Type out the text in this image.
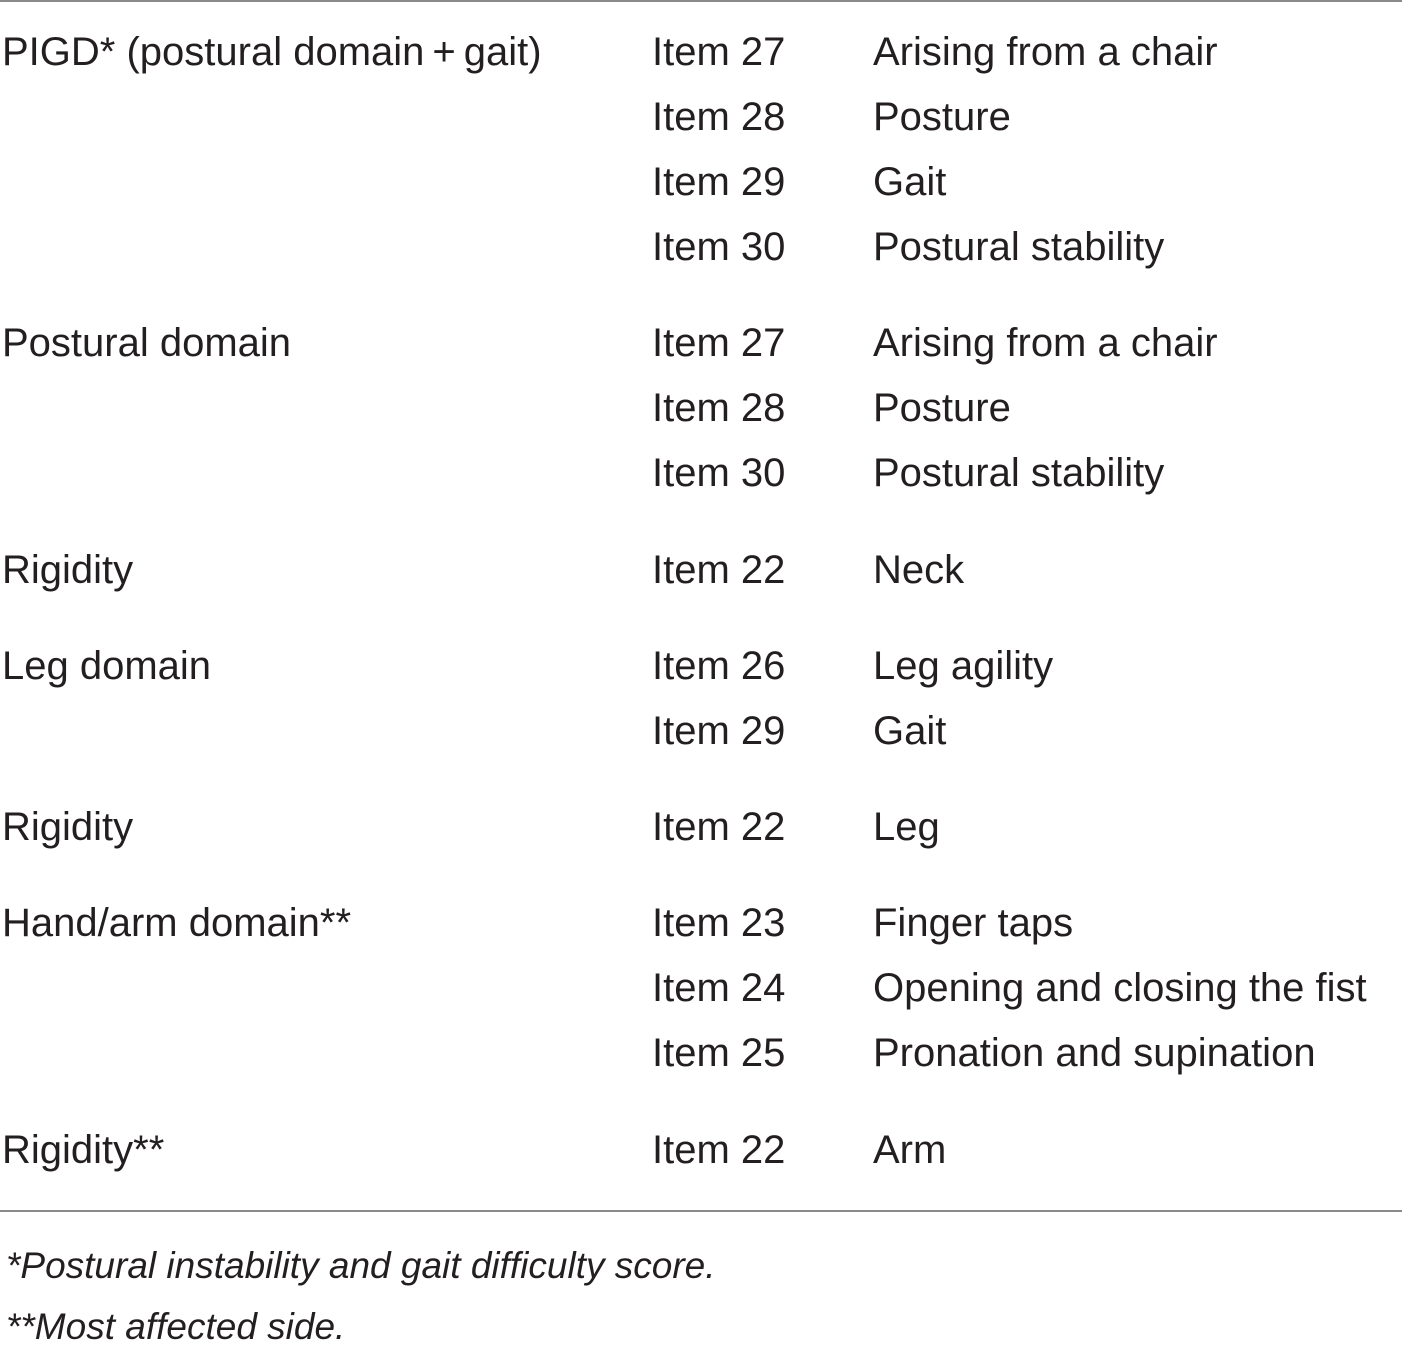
PIGD* (postural domain + gait)	Item 27 Arising from a chair
Item 28 Posture
Item 29 Gait
Item 30 Postural stability
Postural domain	Item 27 Arising from a chair
Item 28 Posture
Item 30 Postural stability
Rigidity	Item 22 Neck
Leg domain	Item 26 Leg agility
Item 29 Gait
Rigidity	Item 22 Leg
Hand/arm domain**	Item 23 Finger taps
Item 24 Opening and closing the fist
Item 25 Pronation and supination
Rigidity**	Item 22 Arm
*Postural instability and gait difficulty score.
**Most affected side.
